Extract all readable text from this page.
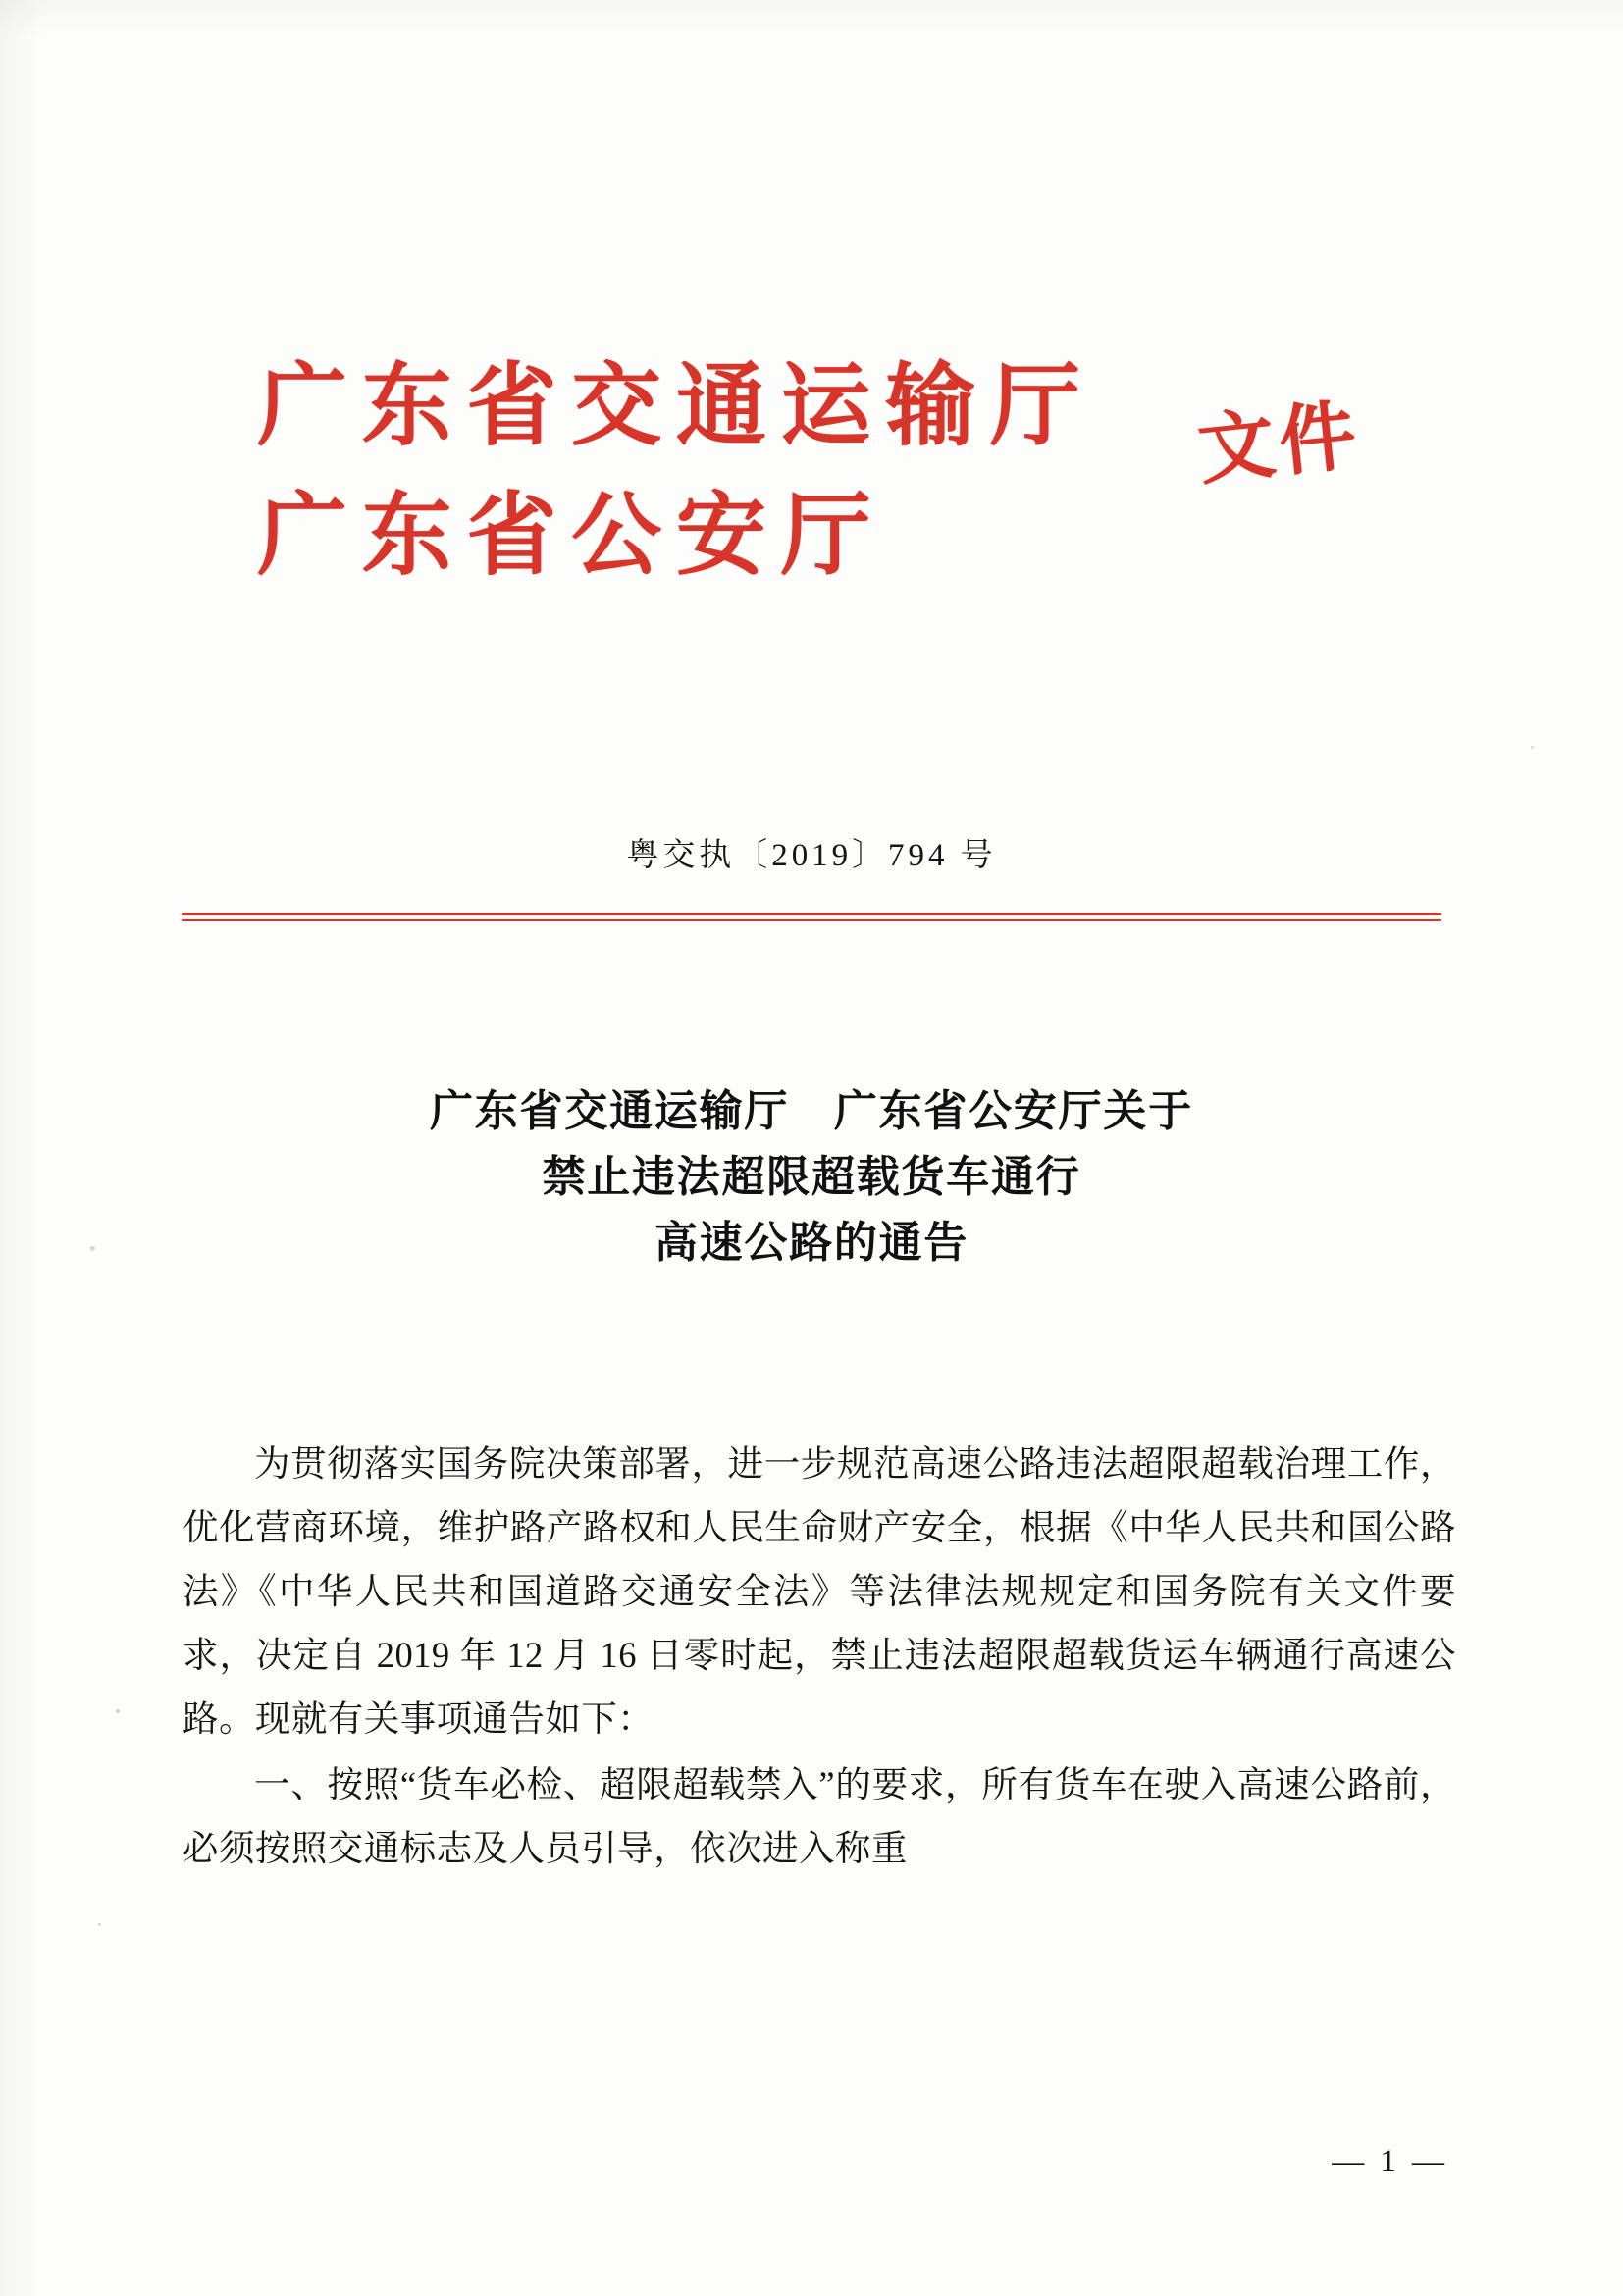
广东省交通运输厅
广东省公安厅
文件
粤交执〔2019〕794 号
广东省交通运输厅　广东省公安厅关于
禁止违法超限超载货车通行
高速公路的通告

为贯彻落实国务院决策部署，进一步规范高速公路违法超限超载治理工作，优化营商环境，维护路产路权和人民生命财产安全，根据《中华人民共和国公路法》《中华人民共和国道路交通安全法》等法律法规规定和国务院有关文件要求，决定自 2019 年 12 月 16 日零时起，禁止违法超限超载货运车辆通行高速公路。现就有关事项通告如下：

一、按照“货车必检、超限超载禁入”的要求，所有货车在驶入高速公路前，必须按照交通标志及人员引导，依次进入称重

— 1 —
